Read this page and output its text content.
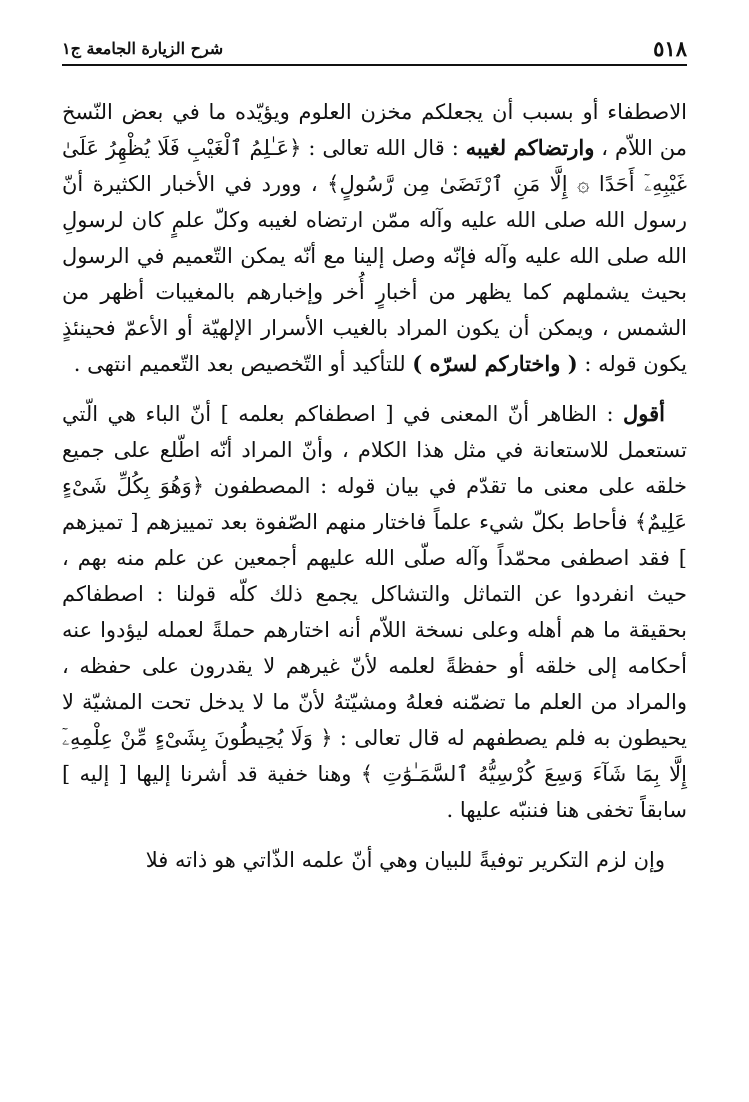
٥١٨
شرح الزيارة الجامعة ج١

الاصطفاء أو بسبب أن يجعلكم مخزن العلوم ويؤيّده ما في بعض النّسخ من اللاّم ، وارتضاكم لغيبه : قال الله تعالى : ﴿عَـٰلِمُ ٱلْغَيْبِ فَلَا يُظْهِرُ عَلَىٰ غَيْبِهِۦٓ أَحَدًا ۞ إِلَّا مَنِ ٱرْتَضَىٰ مِن رَّسُولٍ﴾ ، وورد في الأخبار الكثيرة أنّ رسول الله صلى الله عليه وآله ممّن ارتضاه لغيبه وكلّ علمٍ كان لرسولِ الله صلى الله عليه وآله فإنّه وصل إلينا مع أنّه يمكن التّعميم في الرسول بحيث يشملهم كما يظهر من أخبارٍ أُخر وإخبارهم بالمغيبات أظهر من الشمس ، ويمكن أن يكون المراد بالغيب الأسرار الإلهيّة أو الأعمّ فحينئذٍ يكون قوله : ( واختاركم لسرّه ) للتأكيد أو التّخصيص بعد التّعميم انتهى .

أقول : الظاهر أنّ المعنى في [ اصطفاكم بعلمه ] أنّ الباء هي الّتي تستعمل للاستعانة في مثل هذا الكلام ، وأنّ المراد أنّه اطّلع على جميع خلقه على معنى ما تقدّم في بيان قوله : المصطفون ﴿وَهُوَ بِكُلِّ شَىْءٍ عَلِيمٌ﴾ فأحاط بكلّ شيء علماً فاختار منهم الصّفوة بعد تمييزهم [ تميزهم ] فقد اصطفى محمّداً وآله صلّى الله عليهم أجمعين عن علم منه بهم ، حيث انفردوا عن التماثل والتشاكل يجمع ذلك كلّه قولنا : اصطفاكم بحقيقة ما هم أهله وعلى نسخة اللاّم أنه اختارهم حملةً لعمله ليؤدوا عنه أحكامه إلى خلقه أو حفظةً لعلمه لأنّ غيرهم لا يقدرون على حفظه ، والمراد من العلم ما تضمّنه فعلهُ ومشيّتهُ لأنّ ما لا يدخل تحت المشيّة لا يحيطون به فلم يصطفهم له قال تعالى : ﴿ وَلَا يُحِيطُونَ بِشَىْءٍ مِّنْ عِلْمِهِۦٓ إِلَّا بِمَا شَآءَ وَسِعَ كُرْسِيُّهُ ٱلسَّمَـٰوَٰتِ ﴾ وهنا خفية قد أشرنا إليها [ إليه ] سابقاً تخفى هنا فننبّه عليها .

وإن لزم التكرير توفيةً للبيان وهي أنّ علمه الذّاتي هو ذاته فلا
